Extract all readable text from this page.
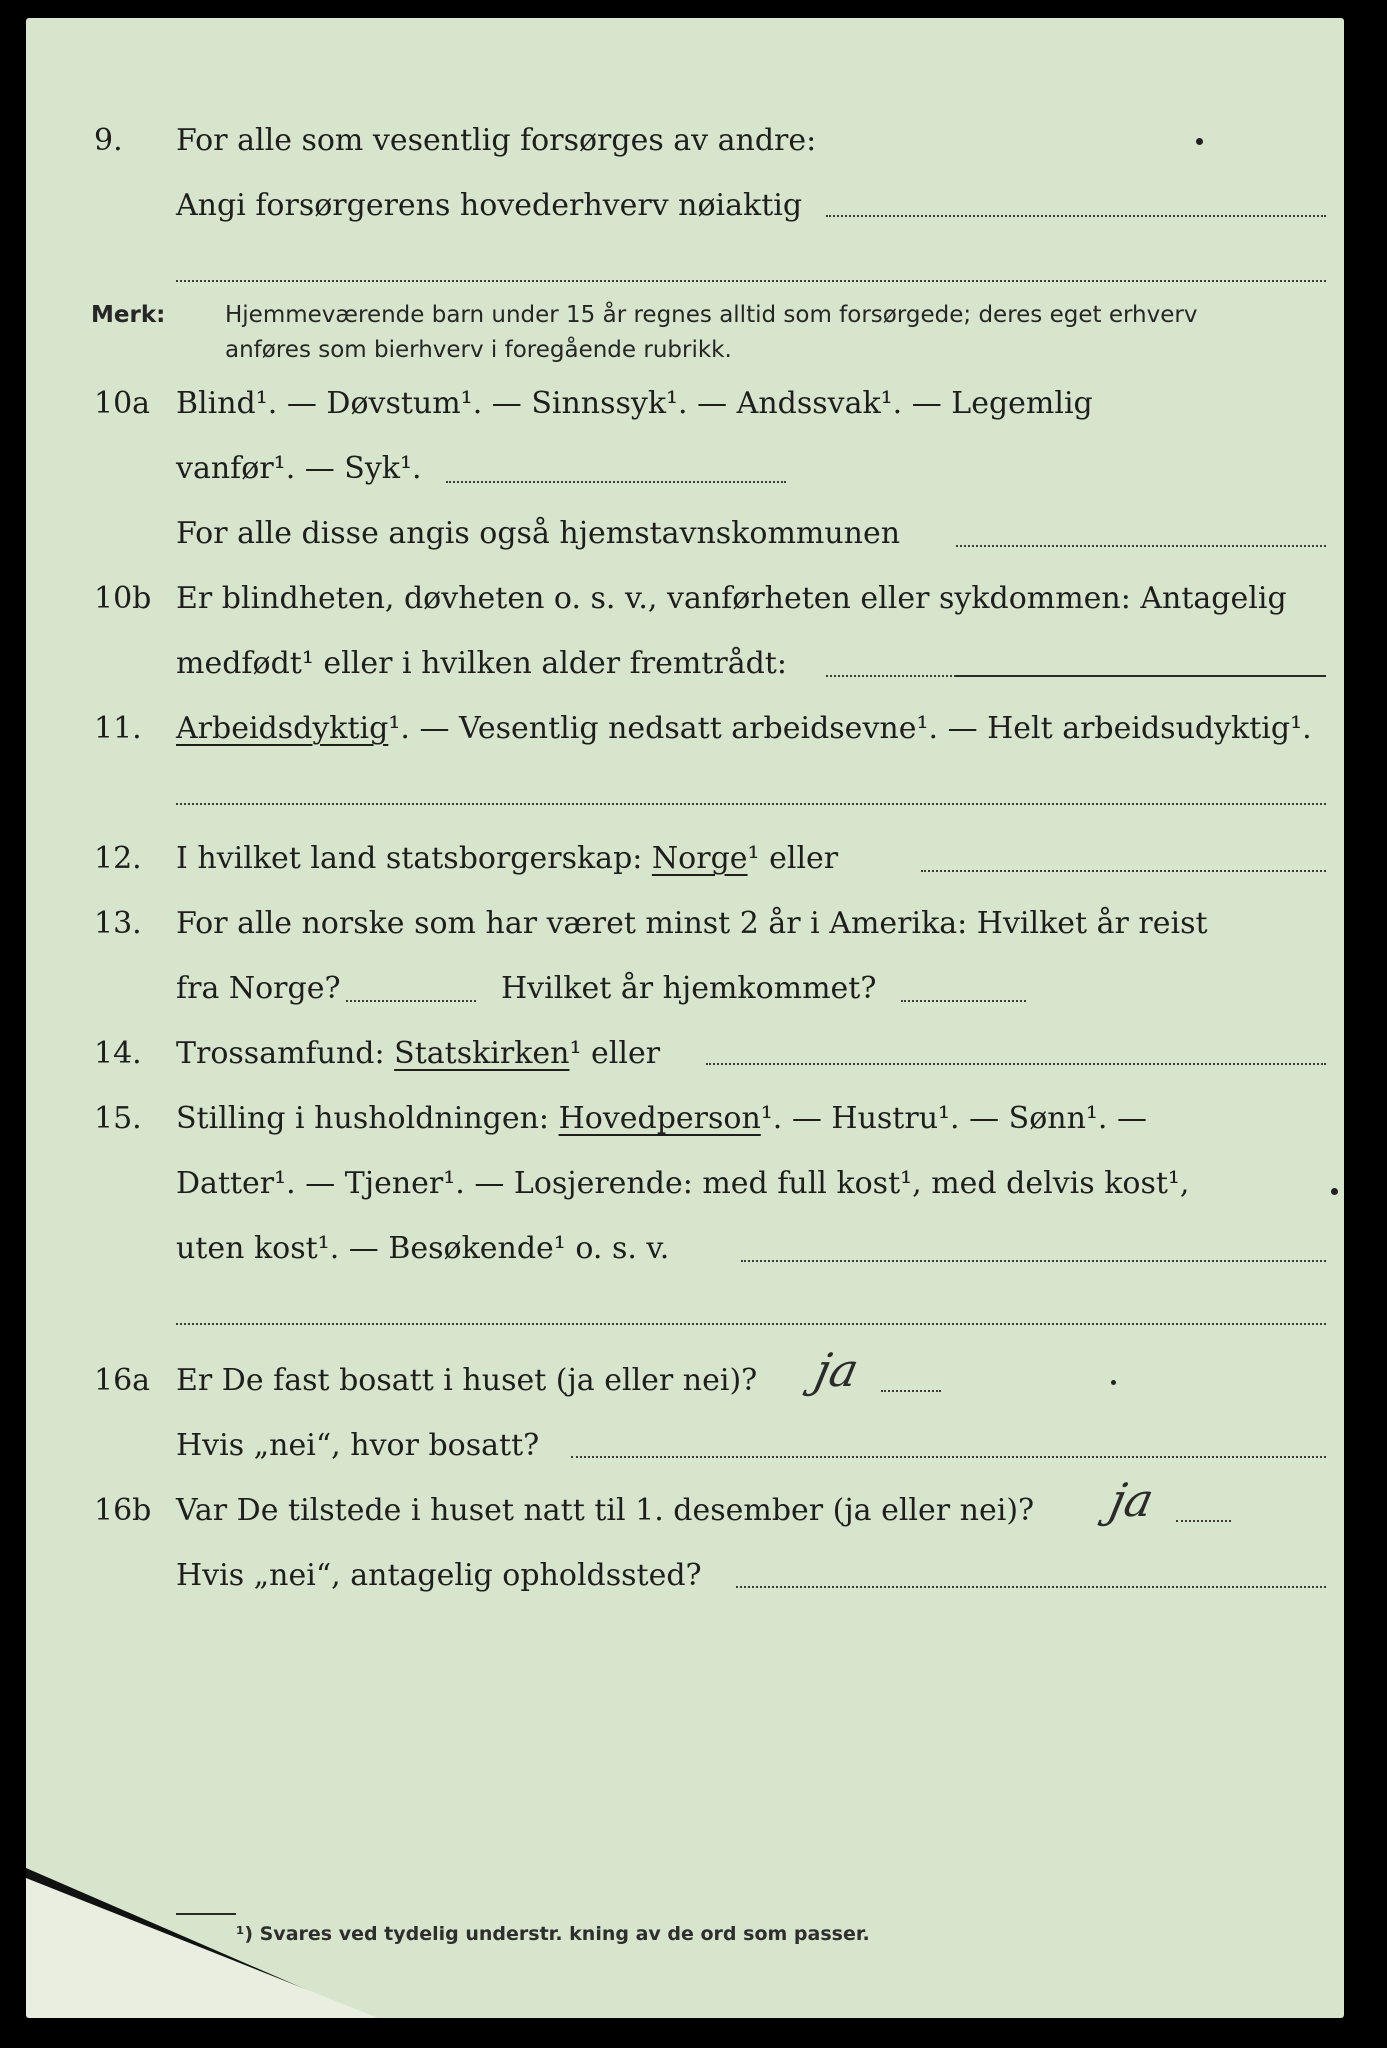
9. For alle som vesentlig forsørges av andre:
Angi forsørgerens hovederhverv nøiaktig
Merk:	Hjemmeværende barn under 15 år regnes alltid som forsørgede; deres eget erhverv
anføres som bierhverv i foregående rubrikk.
10a Blind¹. — Døvstum¹. — Sinnssyk¹. — Andssvak¹. — Legemlig
vanfør¹. — Syk¹.
For alle disse angis også hjemstavnskommunen
10b Er blindheten, døvheten o. s. v., vanførheten eller sykdommen: Antagelig
medfødt¹ eller i hvilken alder fremtrådt:
11. Arbeidsdyktig¹. — Vesentlig nedsatt arbeidsevne¹. — Helt arbeidsudyktig¹.
12. I hvilket land statsborgerskap: Norge¹ eller
13. For alle norske som har været minst 2 år i Amerika: Hvilket år reist
fra Norge?	Hvilket år hjemkommet?
14. Trossamfund: Statskirken¹ eller
15. Stilling i husholdningen: Hovedperson¹. — Hustru¹. — Sønn¹. —
Datter¹. — Tjener¹. — Losjerende: med full kost¹, med delvis kost¹,
uten kost¹. — Besøkende¹ o. s. v.
16a Er De fast bosatt i huset (ja eller nei)? ja
Hvis „nei“, hvor bosatt?
16b Var De tilstede i huset natt til 1. desember (ja eller nei)? ja
Hvis „nei“, antagelig opholdssted?
¹) Svares ved tydelig understr. kning av de ord som passer.
